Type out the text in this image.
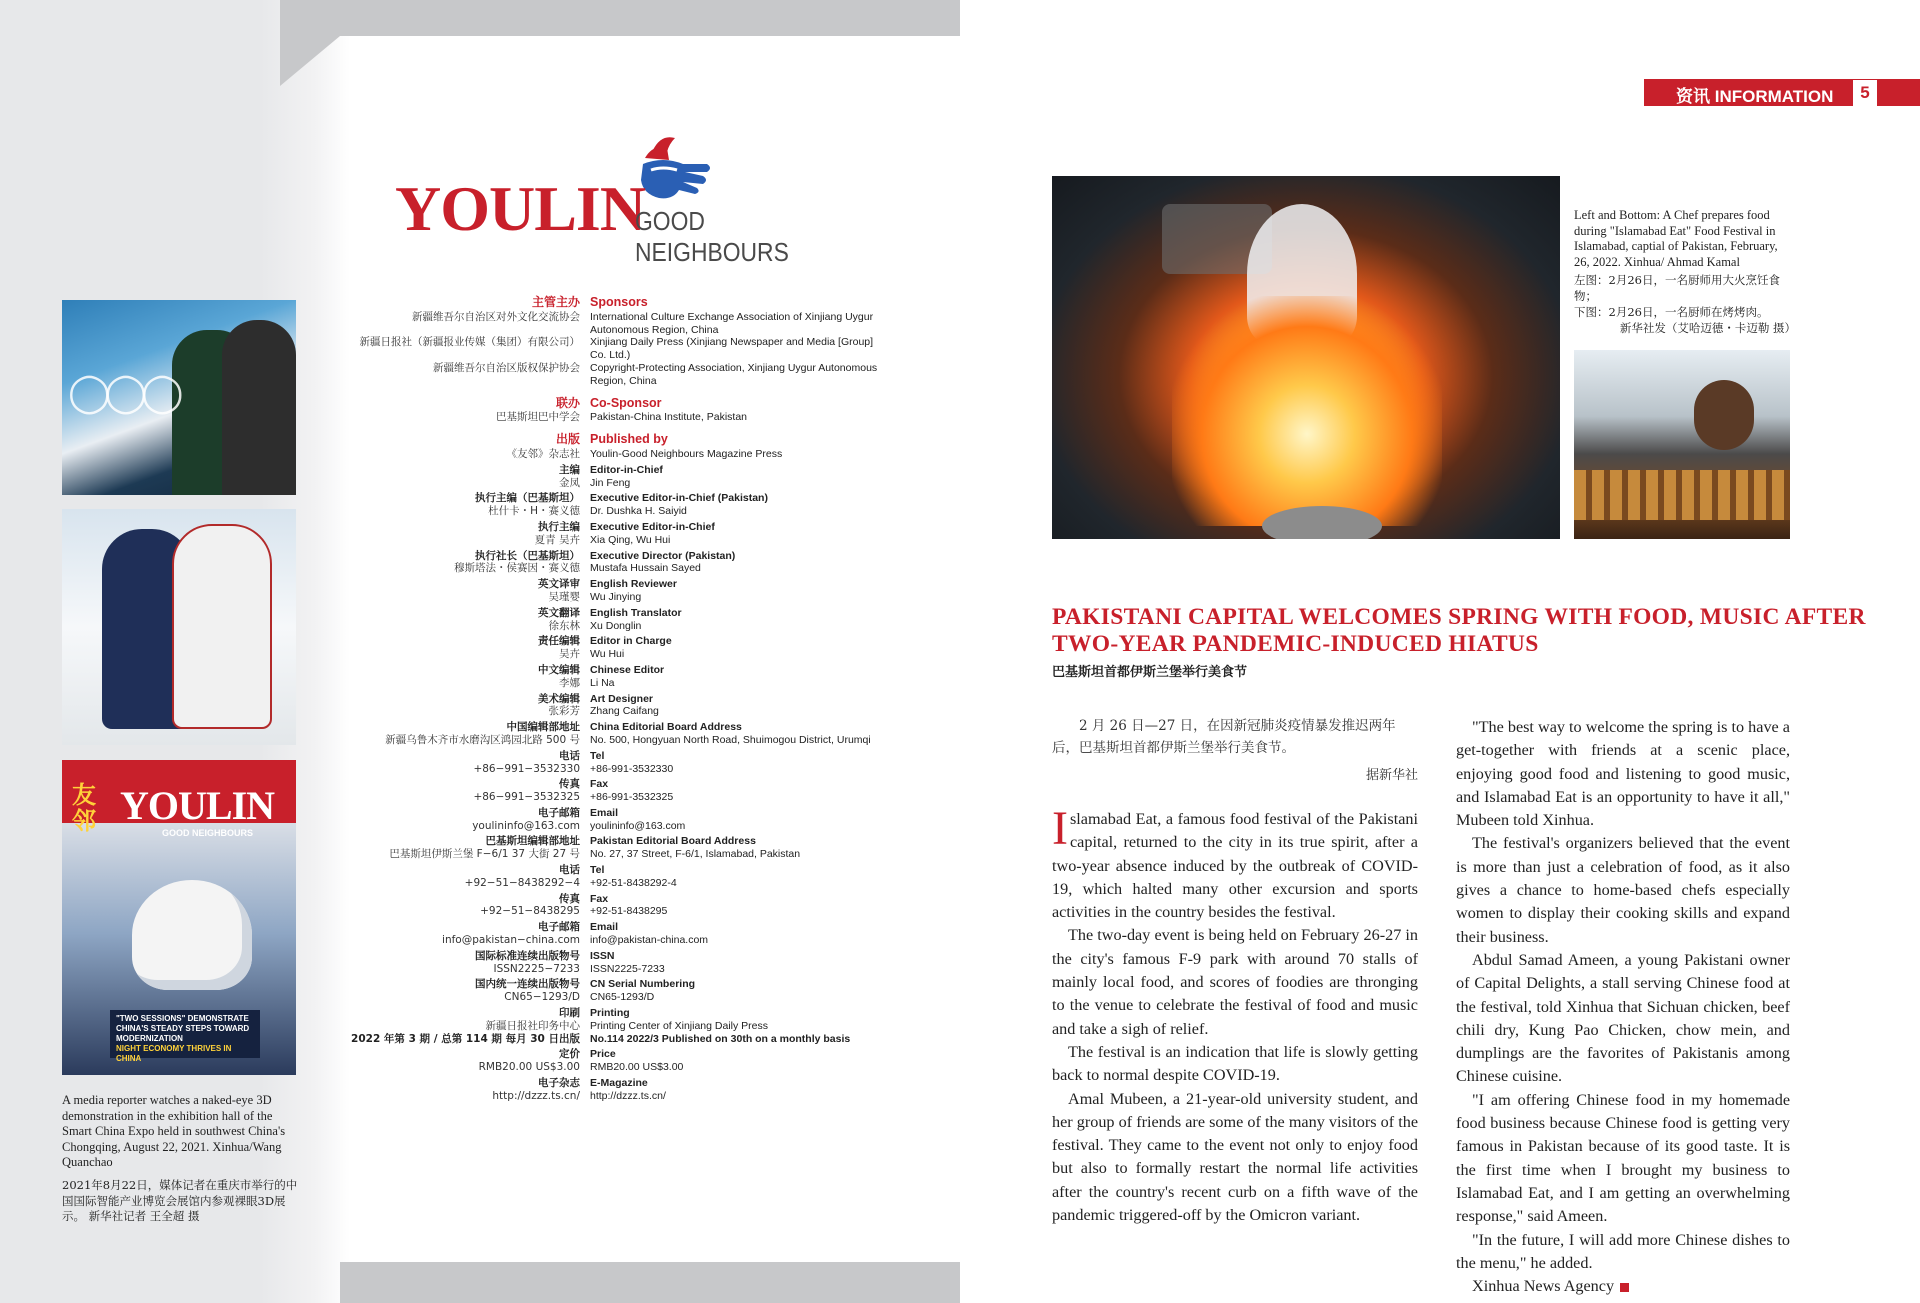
◯◯◯
友邻 YOULIN
GOOD NEIGHBOURS
"TWO SESSIONS" DEMONSTRATE CHINA'S STEADY STEPS TOWARD MODERNIZATION
NIGHT ECONOMY THRIVES IN CHINA
A media reporter watches a naked-eye 3D demonstration in the exhibition hall of the Smart China Expo held in southwest China's Chongqing, August 22, 2021. Xinhua/Wang Quanchao
2021年8月22日，媒体记者在重庆市举行的中国国际智能产业博览会展馆内参观裸眼3D展示。 新华社记者 王全超 摄
YOULIN
GOOD NEIGHBOURS
主管主办 Sponsors
新疆维吾尔自治区对外文化交流协会 International Culture Exchange Association of Xinjiang Uygur Autonomous Region, China
新疆日报社（新疆报业传媒（集团）有限公司） Xinjiang Daily Press (Xinjiang Newspaper and Media [Group] Co. Ltd.)
新疆维吾尔自治区版权保护协会 Copyright-Protecting Association, Xinjiang Uygur Autonomous Region, China
联办 Co-Sponsor
巴基斯坦巴中学会 Pakistan-China Institute, Pakistan
出版 Published by
《友邻》杂志社 Youlin-Good Neighbours Magazine Press
主编 Editor-in-Chief
金凤 Jin Feng
执行主编（巴基斯坦） Executive Editor-in-Chief (Pakistan)
杜什卡・H・赛义德 Dr. Dushka H. Saiyid
执行主编 Executive Editor-in-Chief
夏青 吴卉 Xia Qing, Wu Hui
执行社长（巴基斯坦） Executive Director (Pakistan)
穆斯塔法・侯赛因・赛义德 Mustafa Hussain Sayed
英文译审 English Reviewer
吴瑾婴 Wu Jinying
英文翻译 English Translator
徐东林 Xu Donglin
责任编辑 Editor in Charge
吴卉 Wu Hui
中文编辑 Chinese Editor
李娜 Li Na
美术编辑 Art Designer
张彩芳 Zhang Caifang
中国编辑部地址 China Editorial Board Address
新疆乌鲁木齐市水磨沟区鸿园北路 500 号 No. 500, Hongyuan North Road, Shuimogou District, Urumqi
电话 Tel
+86−991−3532330 +86-991-3532330
传真 Fax
+86−991−3532325 +86-991-3532325
电子邮箱 Email
youlininfo@163.com youlininfo@163.com
巴基斯坦编辑部地址 Pakistan Editorial Board Address
巴基斯坦伊斯兰堡 F−6/1 37 大街 27 号 No. 27, 37 Street, F-6/1, Islamabad, Pakistan
电话 Tel
+92−51−8438292−4 +92-51-8438292-4
传真 Fax
+92−51−8438295 +92-51-8438295
电子邮箱 Email
info@pakistan−china.com info@pakistan-china.com
国际标准连续出版物号 ISSN
ISSN2225−7233 ISSN2225-7233
国内统一连续出版物号 CN Serial Numbering
CN65−1293/D CN65-1293/D
印刷 Printing
新疆日报社印务中心 Printing Center of Xinjiang Daily Press
2022 年第 3 期 / 总第 114 期 每月 30 日出版 No.114 2022/3 Published on 30th on a monthly basis
定价 Price
RMB20.00 US$3.00 RMB20.00 US$3.00
电子杂志 E-Magazine
http://dzzz.ts.cn/ http://dzzz.ts.cn/
资讯 INFORMATION	5
Left and Bottom: A Chef prepares food during "Islamabad Eat" Food Festival in Islamabad, captial of Pakistan, February, 26, 2022. Xinhua/ Ahmad Kamal
左图：2月26日，一名厨师用大火烹饪食物；
下图：2月26日，一名厨师在烤烤肉。
新华社发（艾哈迈德・卡迈勒 摄）
PAKISTANI CAPITAL WELCOMES SPRING WITH FOOD, MUSIC AFTER TWO-YEAR PANDEMIC-INDUCED HIATUS
巴基斯坦首都伊斯兰堡举行美食节
2 月 26 日—27 日，在因新冠肺炎疫情暴发推迟两年后，巴基斯坦首都伊斯兰堡举行美食节。
据新华社

Islamabad Eat, a famous food festival of the Pakistani capital, returned to the city in its true spirit, after a two-year absence induced by the outbreak of COVID-19, which halted many other excursion and sports activities in the country besides the festival.

The two-day event is being held on February 26-27 in the city's famous F-9 park with around 70 stalls of mainly local food, and scores of foodies are thronging to the venue to celebrate the festival of food and music and take a sigh of relief.

The festival is an indication that life is slowly getting back to normal despite COVID-19.

Amal Mubeen, a 21-year-old university student, and her group of friends are some of the many visitors of the festival. They came to the event not only to enjoy food but also to formally restart the normal life activities after the country's recent curb on a fifth wave of the pandemic triggered-off by the Omicron variant.

"The best way to welcome the spring is to have a get-together with friends at a scenic place, enjoying good food and listening to good music, and Islamabad Eat is an opportunity to have it all," Mubeen told Xinhua.

The festival's organizers believed that the event is more than just a celebration of food, as it also gives a chance to home-based chefs especially women to display their cooking skills and expand their business.

Abdul Samad Ameen, a young Pakistani owner of Capital Delights, a stall serving Chinese food at the festival, told Xinhua that Sichuan chicken, beef chili dry, Kung Pao Chicken, chow mein, and dumplings are the favorites of Pakistanis among Chinese cuisine.

"I am offering Chinese food in my homemade food business because Chinese food is getting very famous in Pakistan because of its good taste. It is the first time when I brought my business to Islamabad Eat, and I am getting an overwhelming response," said Ameen.

"In the future, I will add more Chinese dishes to the menu," he added.

Xinhua News Agency
